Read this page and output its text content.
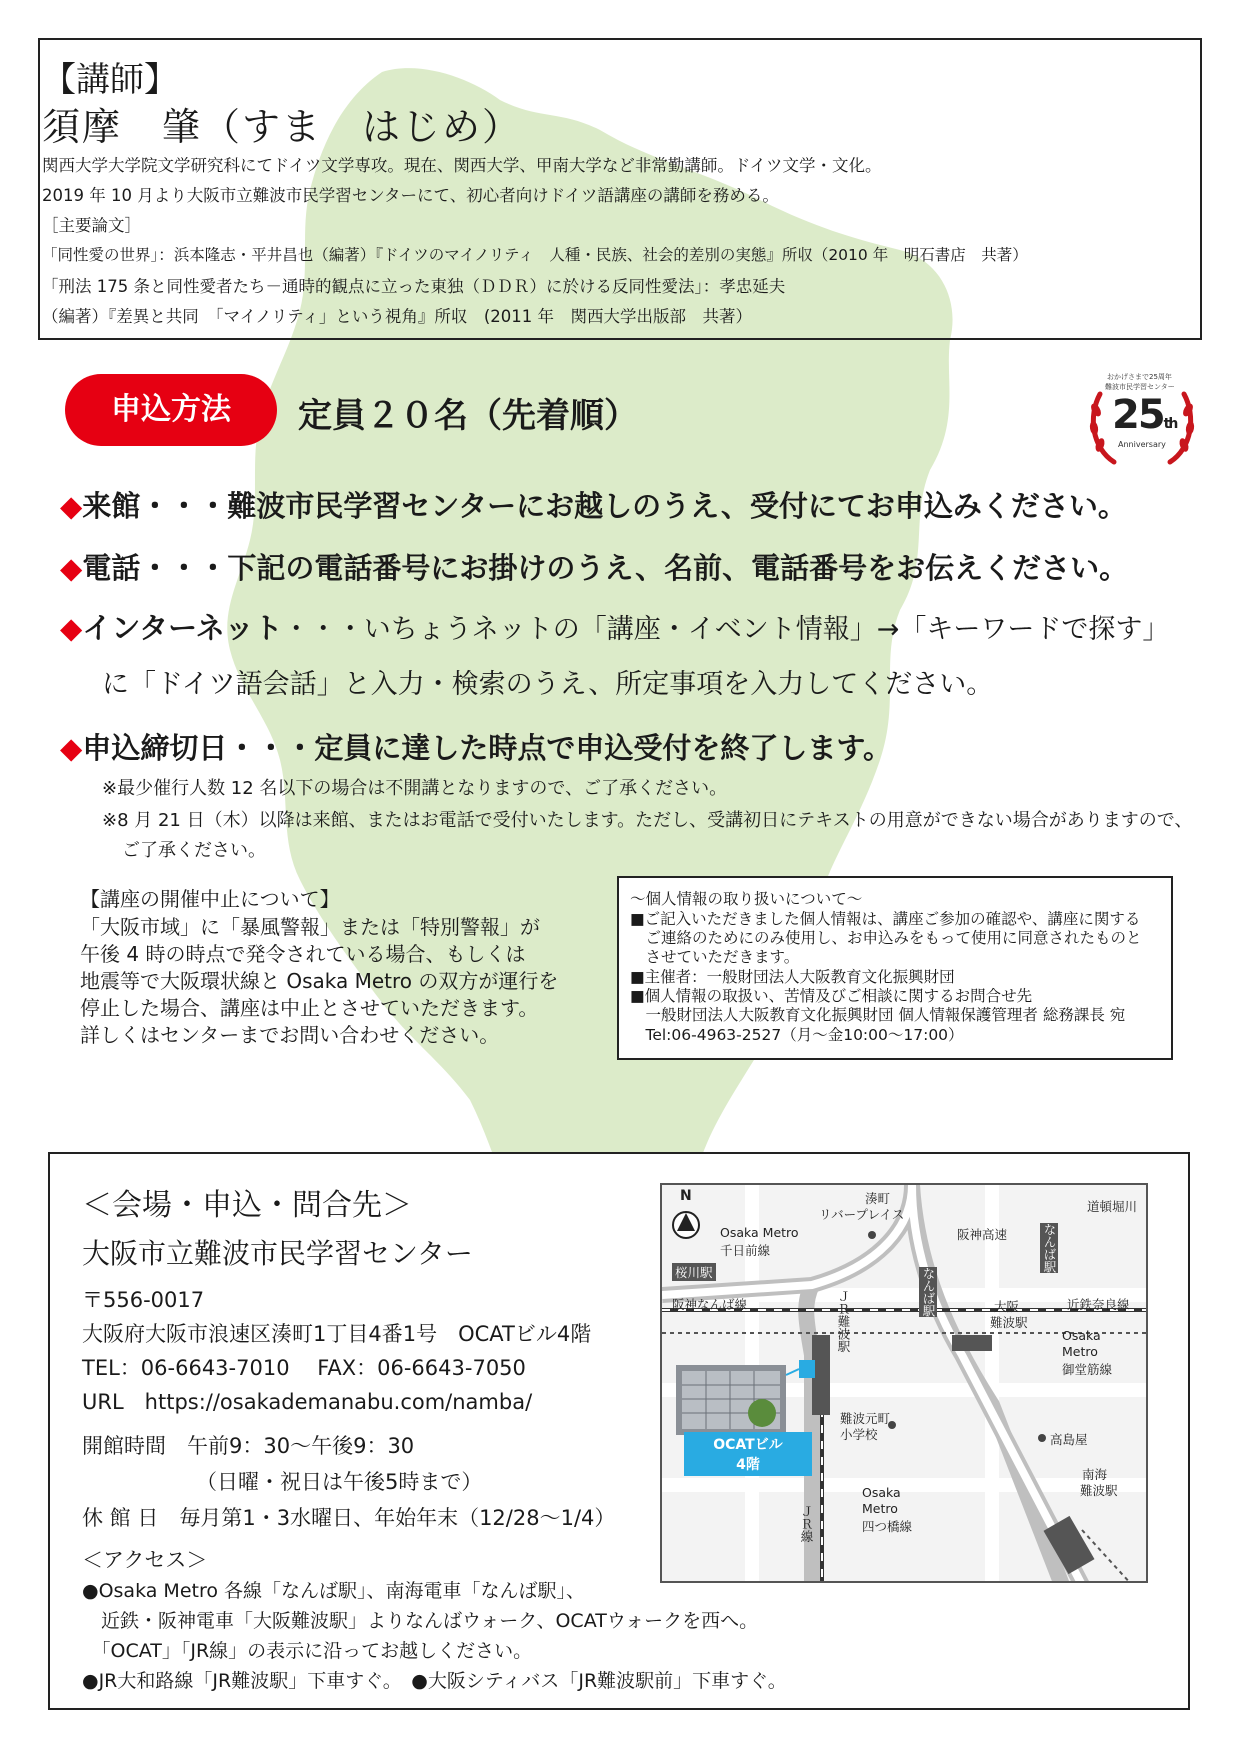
【講師】
須摩　肇（すま　はじめ）
関西大学大学院文学研究科にてドイツ文学専攻。現在、関西大学、甲南大学など非常勤講師。ドイツ文学・文化。
2019 年 10 月より大阪市立難波市民学習センターにて、初心者向けドイツ語講座の講師を務める。
［主要論文］
「同性愛の世界」：浜本隆志・平井昌也（編著）『ドイツのマイノリティ　人種・民族、社会的差別の実態』所収（2010 年　明石書店　共著）
「刑法 175 条と同性愛者たち－通時的観点に立った東独（ＤＤＲ）に於ける反同性愛法」：孝忠延夫
（編著）『差異と共同　「マイノリティ」という視角』所収　(2011 年　関西大学出版部　共著）
申込方法	定員２０名（先着順）
おかげさまで25周年
難波市民学習センター
25th
Anniversary
◆来館・・・難波市民学習センターにお越しのうえ、受付にてお申込みください。
◆電話・・・下記の電話番号にお掛けのうえ、名前、電話番号をお伝えください。
◆インターネット・・・いちょうネットの「講座・イベント情報」→「キーワードで探す」
に「ドイツ語会話」と入力・検索のうえ、所定事項を入力してください。
◆申込締切日・・・定員に達した時点で申込受付を終了します。
※最少催行人数 12 名以下の場合は不開講となりますので、ご了承ください。
※8 月 21 日（木）以降は来館、またはお電話で受付いたします。ただし、受講初日にテキストの用意ができない場合がありますので、
ご了承ください。
【講座の開催中止について】
「大阪市域」に「暴風警報」または「特別警報」が
午後 4 時の時点で発令されている場合、もしくは
地震等で大阪環状線と Osaka Metro の双方が運行を
停止した場合、講座は中止とさせていただきます。
詳しくはセンターまでお問い合わせください。
～個人情報の取り扱いについて～
■ご記入いただきました個人情報は、講座ご参加の確認や、講座に関する
　ご連絡のためにのみ使用し、お申込みをもって使用に同意されたものと
　させていただきます。
■主催者：一般財団法人大阪教育文化振興財団
■個人情報の取扱い、苦情及びご相談に関するお問合せ先
　一般財団法人大阪教育文化振興財団 個人情報保護管理者 総務課長 宛
　Tel:06-4963-2527（月～金10:00～17:00）
＜会場・申込・問合先＞
大阪市立難波市民学習センター
〒556-0017
大阪府大阪市浪速区湊町1丁目4番1号　OCATビル4階
TEL：06-6643-7010　 FAX：06-6643-7050
URL　https://osakademanabu.com/namba/
開館時間　午前9：30～午後9：30
（日曜・祝日は午後5時まで）
休 館 日　毎月第1・3水曜日、年始年末（12/28～1/4）
＜アクセス＞
●Osaka Metro 各線「なんば駅」、南海電車「なんば駅」、
　近鉄・阪神電車「大阪難波駅」よりなんばウォーク、OCATウォークを西へ。
　「OCAT」「JR線」の表示に沿ってお越しください。
●JR大和路線「JR難波駅」下車すぐ。　●大阪シティバス「JR難波駅前」下車すぐ。
N	湊町
リバープレイス
道頓堀川
Osaka Metro
千日前線
阪神高速
桜川駅	なんば駅
なんば駅
阪神なんば線	大阪
難波駅
近鉄奈良線
ＪＲ難波駅	Osaka
Metro
御堂筋線
難波元町
小学校	高島屋
南海
難波駅
ＪＲ線
Osaka
Metro
四つ橋線
OCATビル
4階
